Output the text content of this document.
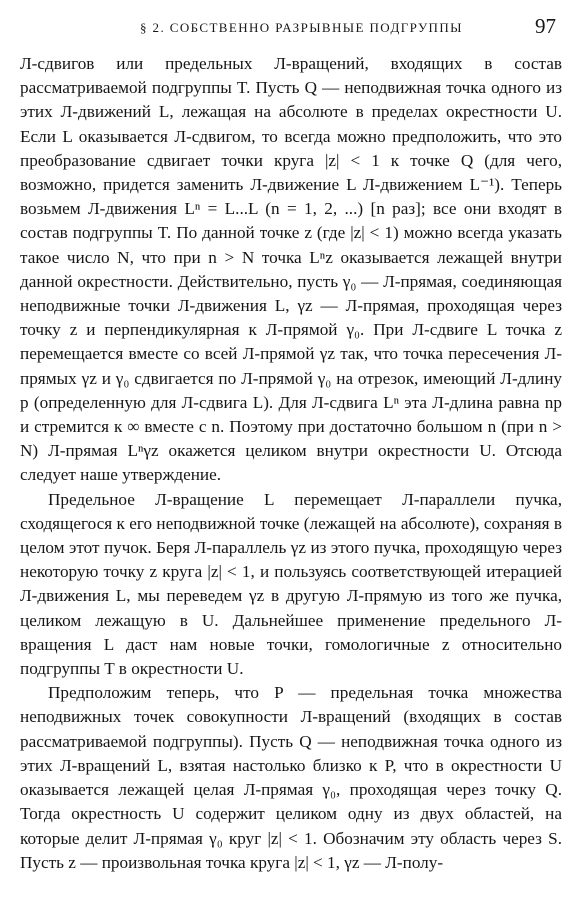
§ 2. СОБСТВЕННО РАЗРЫВНЫЕ ПОДГРУППЫ	97

Л-сдвигов или предельных Л-вращений, входящих в состав рассматриваемой подгруппы T. Пусть Q — неподвижная точка одного из этих Л-движений L, лежащая на абсолюте в пределах окрестности U. Если L оказывается Л-сдвигом, то всегда можно предположить, что это преобразование сдвигает точки круга |z| < 1 к точке Q (для чего, возможно, придется заменить Л-движение L Л-движением L⁻¹). Теперь возьмем Л-движения Lⁿ = L...L (n = 1, 2, ...) [n раз]; все они входят в состав подгруппы T. По данной точке z (где |z| < 1) можно всегда указать такое число N, что при n > N точка Lⁿz оказывается лежащей внутри данной окрестности. Действительно, пусть γ₀ — Л-прямая, соединяющая неподвижные точки Л-движения L, γz — Л-прямая, проходящая через точку z и перпендикулярная к Л-прямой γ₀. При Л-сдвиге L точка z перемещается вместе со всей Л-прямой γz так, что точка пересечения Л-прямых γz и γ₀ сдвигается по Л-прямой γ₀ на отрезок, имеющий Л-длину p (определенную для Л-сдвига L). Для Л-сдвига Lⁿ эта Л-длина равна np и стремится к ∞ вместе с n. Поэтому при достаточно большом n (при n > N) Л-прямая Lⁿγz окажется целиком внутри окрестности U. Отсюда следует наше утверждение.

Предельное Л-вращение L перемещает Л-параллели пучка, сходящегося к его неподвижной точке (лежащей на абсолюте), сохраняя в целом этот пучок. Беря Л-параллель γz из этого пучка, проходящую через некоторую точку z круга |z| < 1, и пользуясь соответствующей итерацией Л-движения L, мы переведем γz в другую Л-прямую из того же пучка, целиком лежащую в U. Дальнейшее применение предельного Л-вращения L даст нам новые точки, гомологичные z относительно подгруппы T в окрестности U.

Предположим теперь, что P — предельная точка множества неподвижных точек совокупности Л-вращений (входящих в состав рассматриваемой подгруппы). Пусть Q — неподвижная точка одного из этих Л-вращений L, взятая настолько близко к P, что в окрестности U оказывается лежащей целая Л-прямая γ₀, проходящая через точку Q. Тогда окрестность U содержит целиком одну из двух областей, на которые делит Л-прямая γ₀ круг |z| < 1. Обозначим эту область через S. Пусть z — произвольная точка круга |z| < 1, γz — Л-полу-
